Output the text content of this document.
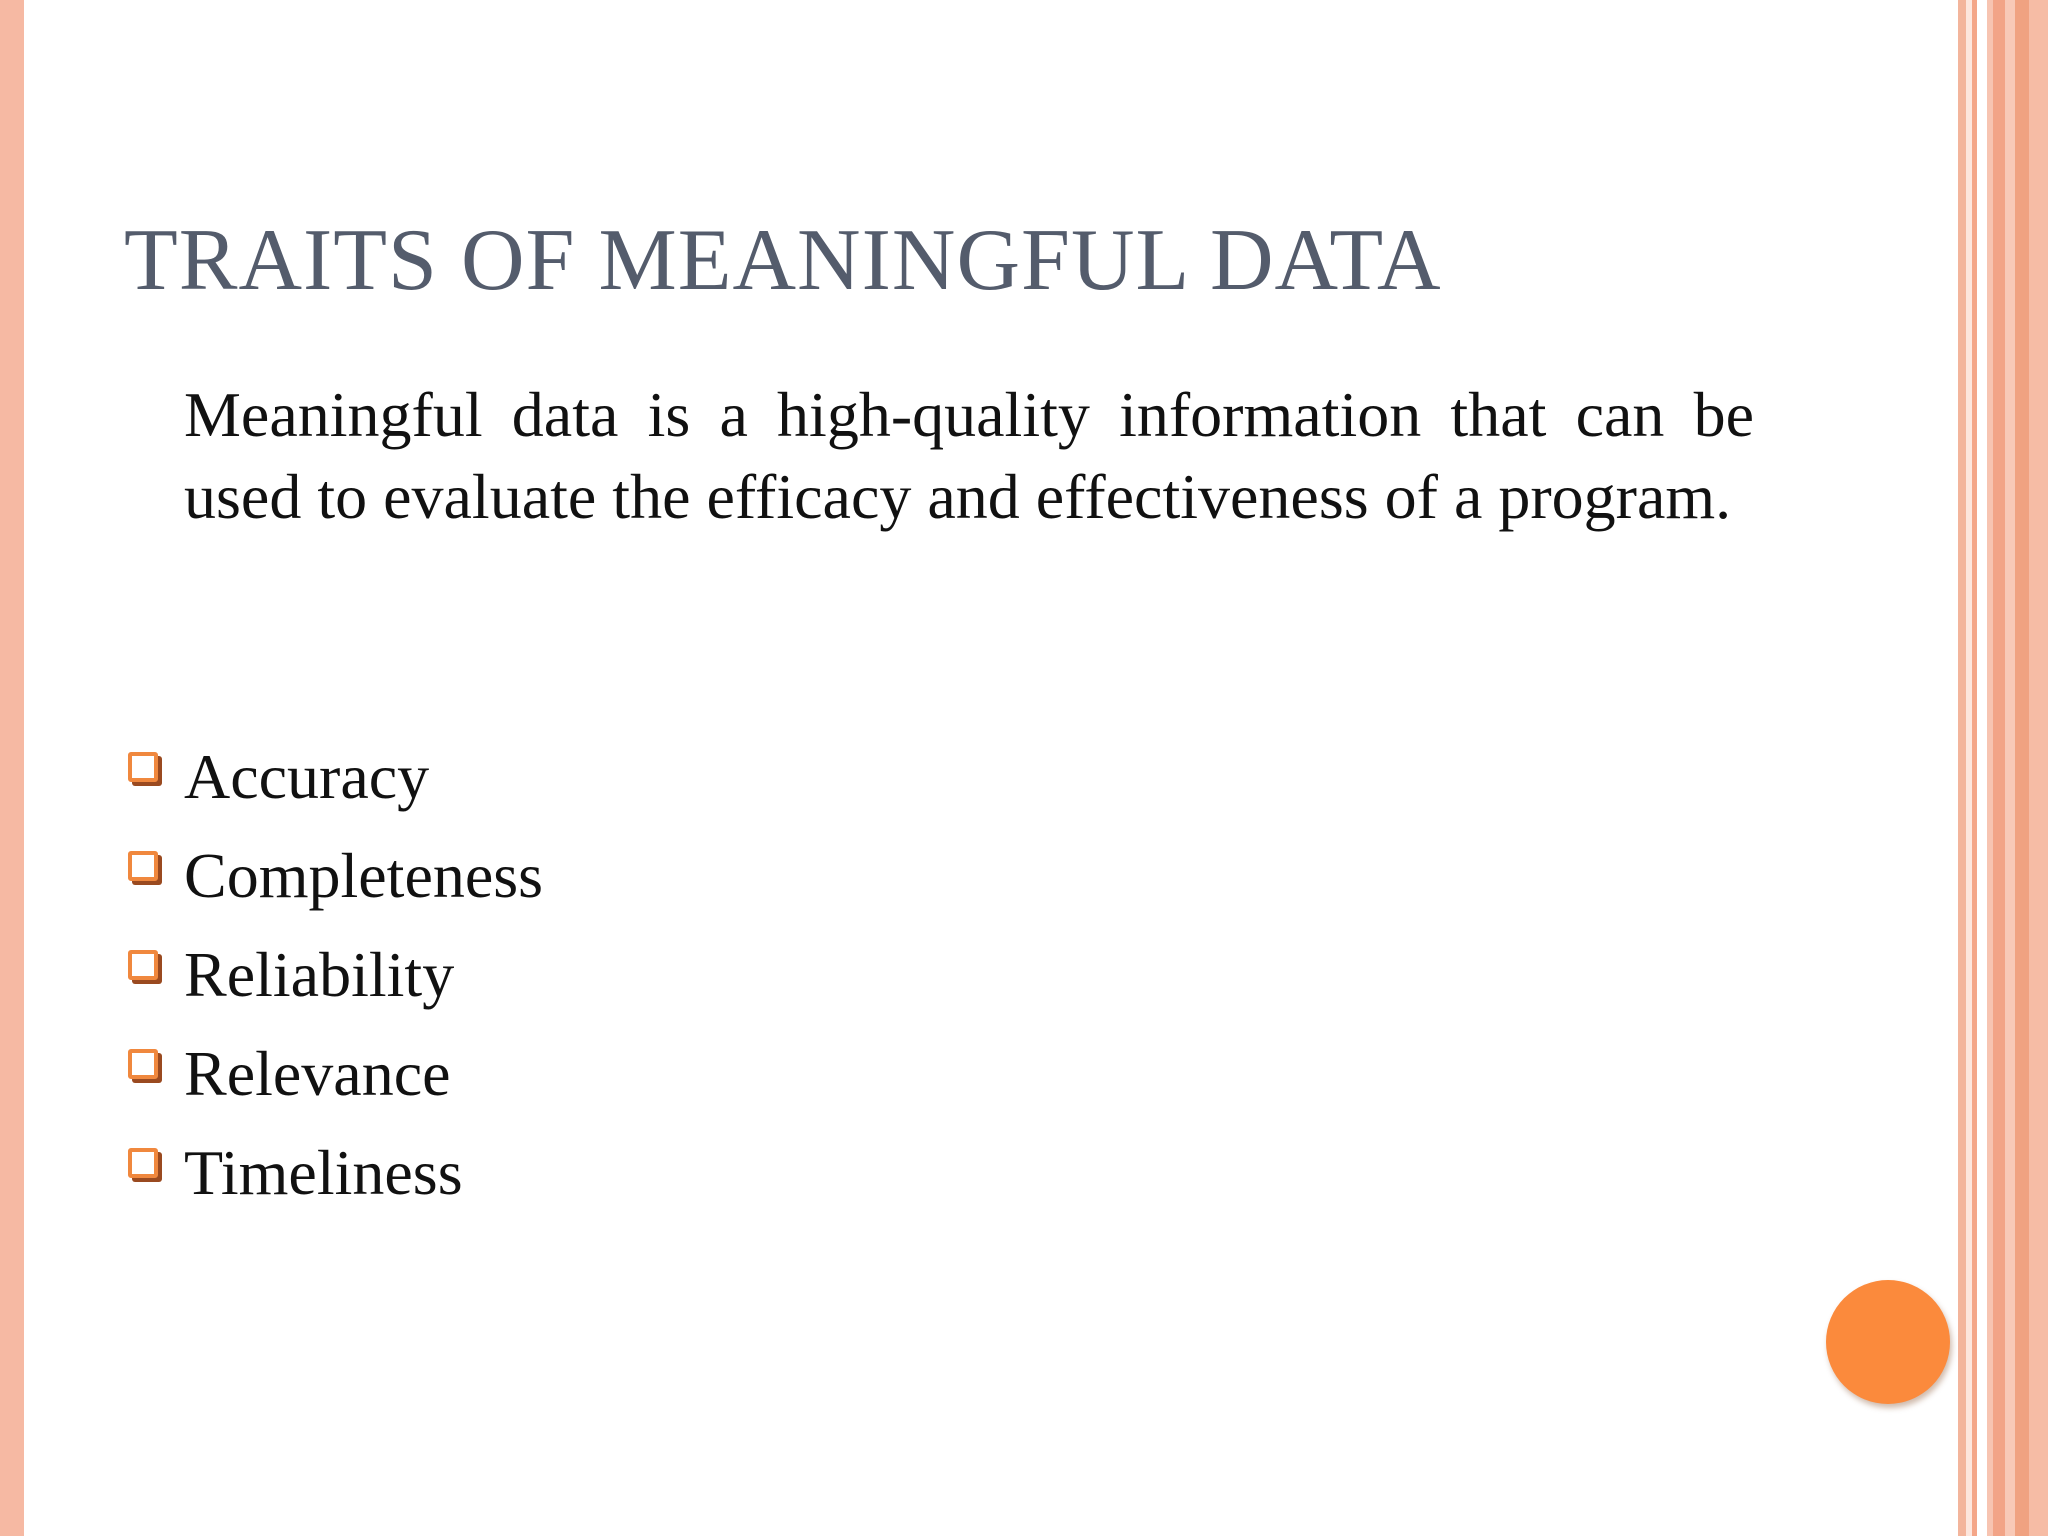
TRAITS OF MEANINGFUL DATA

Meaningful data is a high-quality information that can be used to evaluate the efficacy and effectiveness of a program.

Accuracy
Completeness
Reliability
Relevance
Timeliness
